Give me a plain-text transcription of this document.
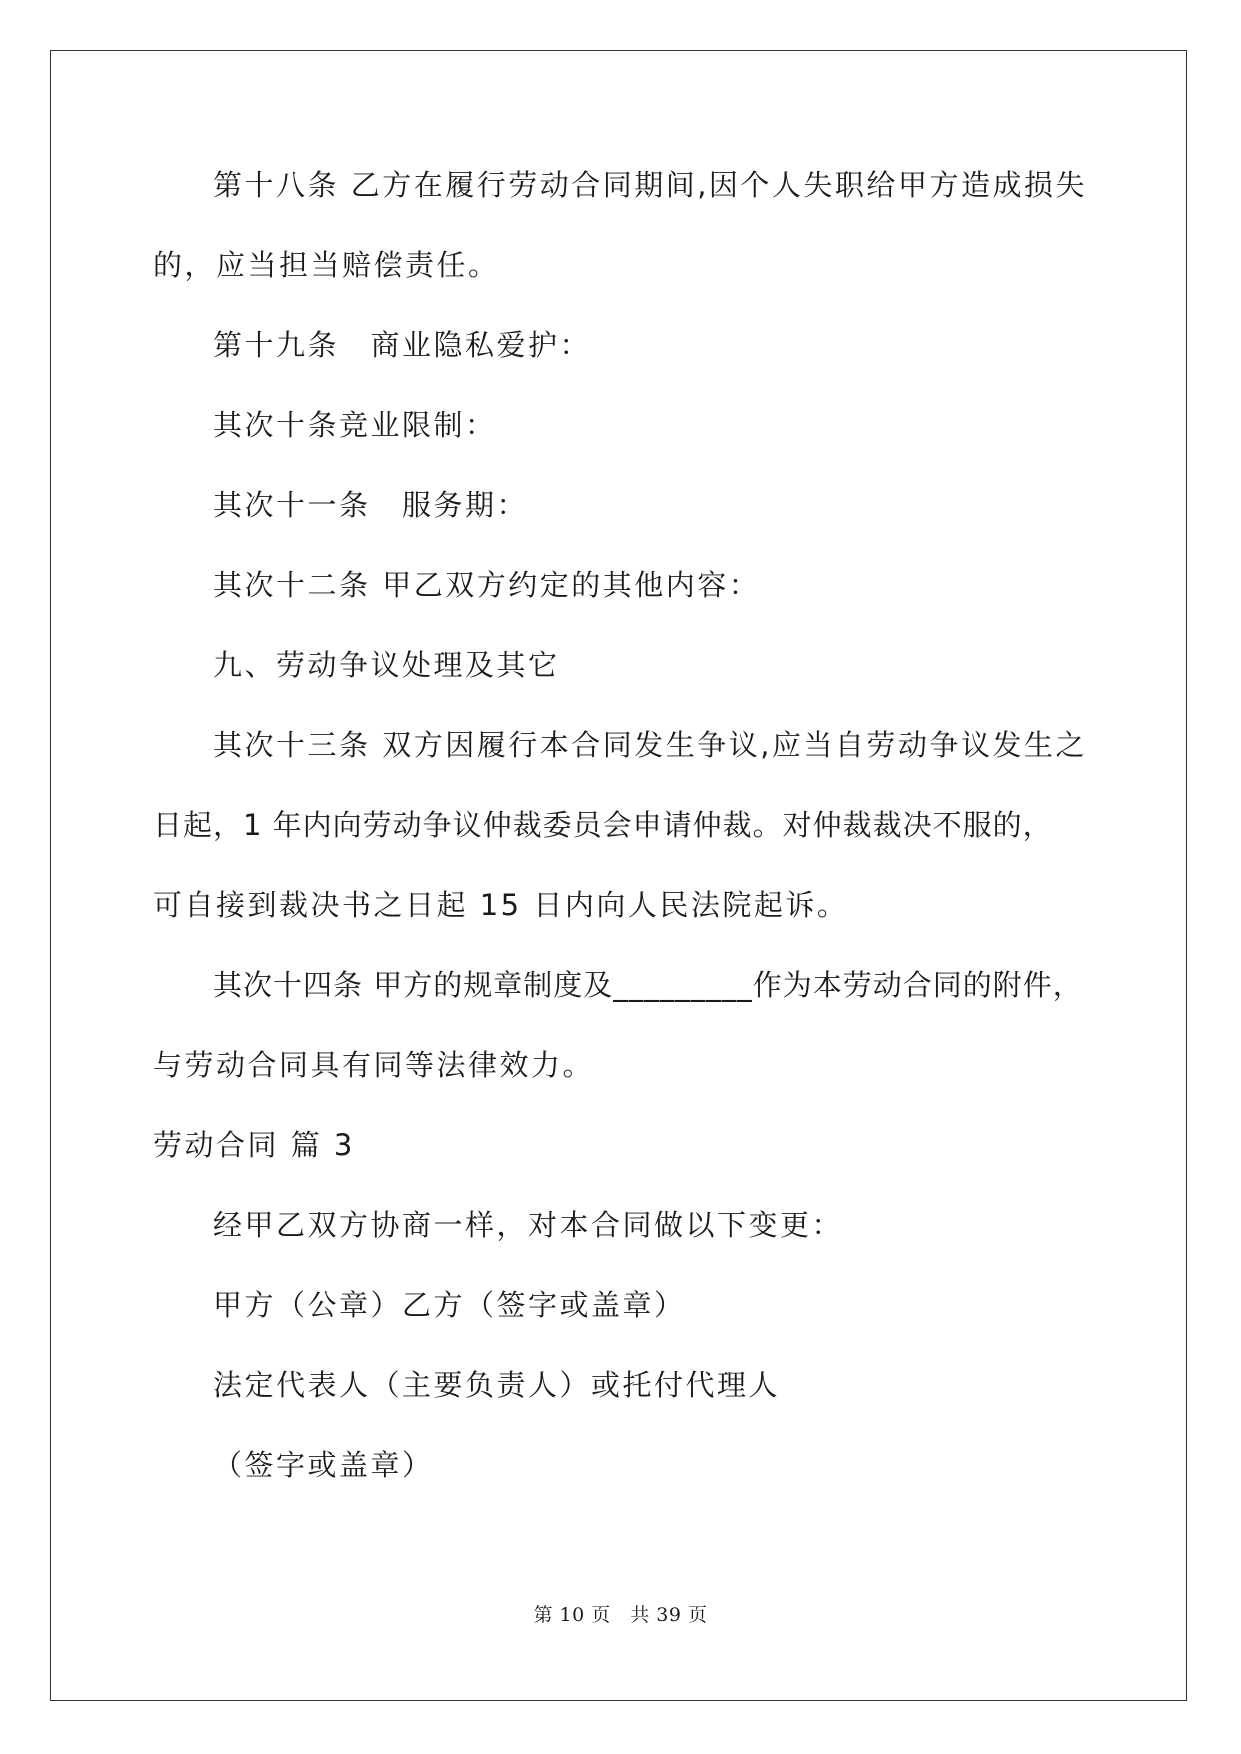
第十八条 乙方在履行劳动合同期间,因个人失职给甲方造成损失
的，应当担当赔偿责任。
第十九条　商业隐私爱护：
其次十条竞业限制：
其次十一条　服务期：
其次十二条 甲乙双方约定的其他内容：
九、劳动争议处理及其它
其次十三条 双方因履行本合同发生争议,应当自劳动争议发生之
日起，1 年内向劳动争议仲裁委员会申请仲裁。对仲裁裁决不服的，
可自接到裁决书之日起 15 日内向人民法院起诉。
其次十四条 甲方的规章制度及_________作为本劳动合同的附件，
与劳动合同具有同等法律效力。
劳动合同 篇 3
经甲乙双方协商一样，对本合同做以下变更：
甲方（公章）乙方（签字或盖章）
法定代表人（主要负责人）或托付代理人
（签字或盖章）
第 10 页　共 39 页
